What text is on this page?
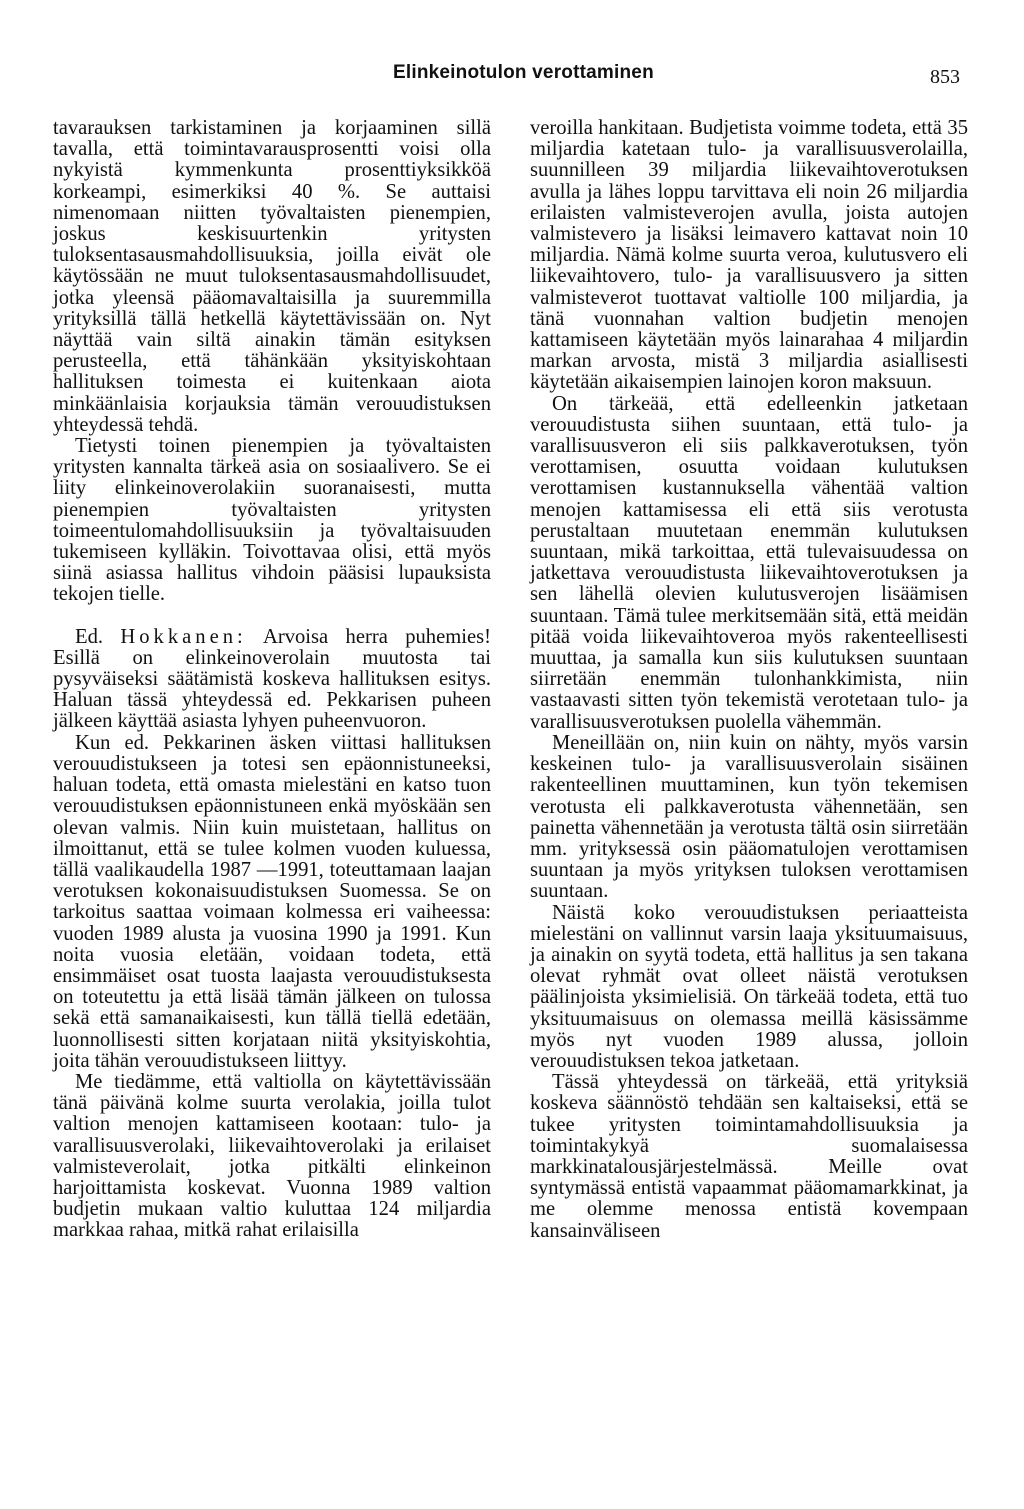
Elinkeinotulon verottaminen	853

tavarauksen tarkistaminen ja korjaaminen sillä tavalla, että toimintavarausprosentti voisi olla nykyistä kymmenkunta prosenttiyksikköä korkeampi, esimerkiksi 40 %. Se auttaisi nimenomaan niitten työvaltaisten pienempien, joskus keskisuurtenkin yritysten tuloksentasausmahdollisuuksia, joilla eivät ole käytössään ne muut tuloksentasausmahdollisuudet, jotka yleensä pääomavaltaisilla ja suuremmilla yrityksillä tällä hetkellä käytettävissään on. Nyt näyttää vain siltä ainakin tämän esityksen perusteella, että tähänkään yksityiskohtaan hallituksen toimesta ei kuitenkaan aiota minkäänlaisia korjauksia tämän verouudistuksen yhteydessä tehdä.

Tietysti toinen pienempien ja työvaltaisten yritysten kannalta tärkeä asia on sosiaalivero. Se ei liity elinkeinoverolakiin suoranaisesti, mutta pienempien työvaltaisten yritysten toimeentulomahdollisuuksiin ja työvaltaisuuden tukemiseen kylläkin. Toivottavaa olisi, että myös siinä asiassa hallitus vihdoin pääsisi lupauksista tekojen tielle.

Ed. Hokkanen: Arvoisa herra puhemies! Esillä on elinkeinoverolain muutosta tai pysyväiseksi säätämistä koskeva hallituksen esitys. Haluan tässä yhteydessä ed. Pekkarisen puheen jälkeen käyttää asiasta lyhyen puheenvuoron.

Kun ed. Pekkarinen äsken viittasi hallituksen verouudistukseen ja totesi sen epäonnistuneeksi, haluan todeta, että omasta mielestäni en katso tuon verouudistuksen epäonnistuneen enkä myöskään sen olevan valmis. Niin kuin muistetaan, hallitus on ilmoittanut, että se tulee kolmen vuoden kuluessa, tällä vaalikaudella 1987 —1991, toteuttamaan laajan verotuksen kokonaisuudistuksen Suomessa. Se on tarkoitus saattaa voimaan kolmessa eri vaiheessa: vuoden 1989 alusta ja vuosina 1990 ja 1991. Kun noita vuosia eletään, voidaan todeta, että ensimmäiset osat tuosta laajasta verouudistuksesta on toteutettu ja että lisää tämän jälkeen on tulossa sekä että samanaikaisesti, kun tällä tiellä edetään, luonnollisesti sitten korjataan niitä yksityiskohtia, joita tähän verouudistukseen liittyy.

Me tiedämme, että valtiolla on käytettävissään tänä päivänä kolme suurta verolakia, joilla tulot valtion menojen kattamiseen kootaan: tulo- ja varallisuusverolaki, liikevaihtoverolaki ja erilaiset valmisteverolait, jotka pitkälti elinkeinon harjoittamista koskevat. Vuonna 1989 valtion budjetin mukaan valtio kuluttaa 124 miljardia markkaa rahaa, mitkä rahat erilaisilla

veroilla hankitaan. Budjetista voimme todeta, että 35 miljardia katetaan tulo- ja varallisuusverolailla, suunnilleen 39 miljardia liikevaihtoverotuksen avulla ja lähes loppu tarvittava eli noin 26 miljardia erilaisten valmisteverojen avulla, joista autojen valmistevero ja lisäksi leimavero kattavat noin 10 miljardia. Nämä kolme suurta veroa, kulutusvero eli liikevaihtovero, tulo- ja varallisuusvero ja sitten valmisteverot tuottavat valtiolle 100 miljardia, ja tänä vuonnahan valtion budjetin menojen kattamiseen käytetään myös lainarahaa 4 miljardin markan arvosta, mistä 3 miljardia asiallisesti käytetään aikaisempien lainojen koron maksuun.

On tärkeää, että edelleenkin jatketaan verouudistusta siihen suuntaan, että tulo- ja varallisuusveron eli siis palkkaverotuksen, työn verottamisen, osuutta voidaan kulutuksen verottamisen kustannuksella vähentää valtion menojen kattamisessa eli että siis verotusta perustaltaan muutetaan enemmän kulutuksen suuntaan, mikä tarkoittaa, että tulevaisuudessa on jatkettava verouudistusta liikevaihtoverotuksen ja sen lähellä olevien kulutusverojen lisäämisen suuntaan. Tämä tulee merkitsemään sitä, että meidän pitää voida liikevaihtoveroa myös rakenteellisesti muuttaa, ja samalla kun siis kulutuksen suuntaan siirretään enemmän tulonhankkimista, niin vastaavasti sitten työn tekemistä verotetaan tulo- ja varallisuusverotuksen puolella vähemmän.

Meneillään on, niin kuin on nähty, myös varsin keskeinen tulo- ja varallisuusverolain sisäinen rakenteellinen muuttaminen, kun työn tekemisen verotusta eli palkkaverotusta vähennetään, sen painetta vähennetään ja verotusta tältä osin siirretään mm. yrityksessä osin pääomatulojen verottamisen suuntaan ja myös yrityksen tuloksen verottamisen suuntaan.

Näistä koko verouudistuksen periaatteista mielestäni on vallinnut varsin laaja yksituumaisuus, ja ainakin on syytä todeta, että hallitus ja sen takana olevat ryhmät ovat olleet näistä verotuksen päälinjoista yksimielisiä. On tärkeää todeta, että tuo yksituumaisuus on olemassa meillä käsissämme myös nyt vuoden 1989 alussa, jolloin verouudistuksen tekoa jatketaan.

Tässä yhteydessä on tärkeää, että yrityksiä koskeva säännöstö tehdään sen kaltaiseksi, että se tukee yritysten toimintamahdollisuuksia ja toimintakykyä suomalaisessa markkinatalousjärjestelmässä. Meille ovat syntymässä entistä vapaammat pääomamarkkinat, ja me olemme menossa entistä kovempaan kansainväliseen
